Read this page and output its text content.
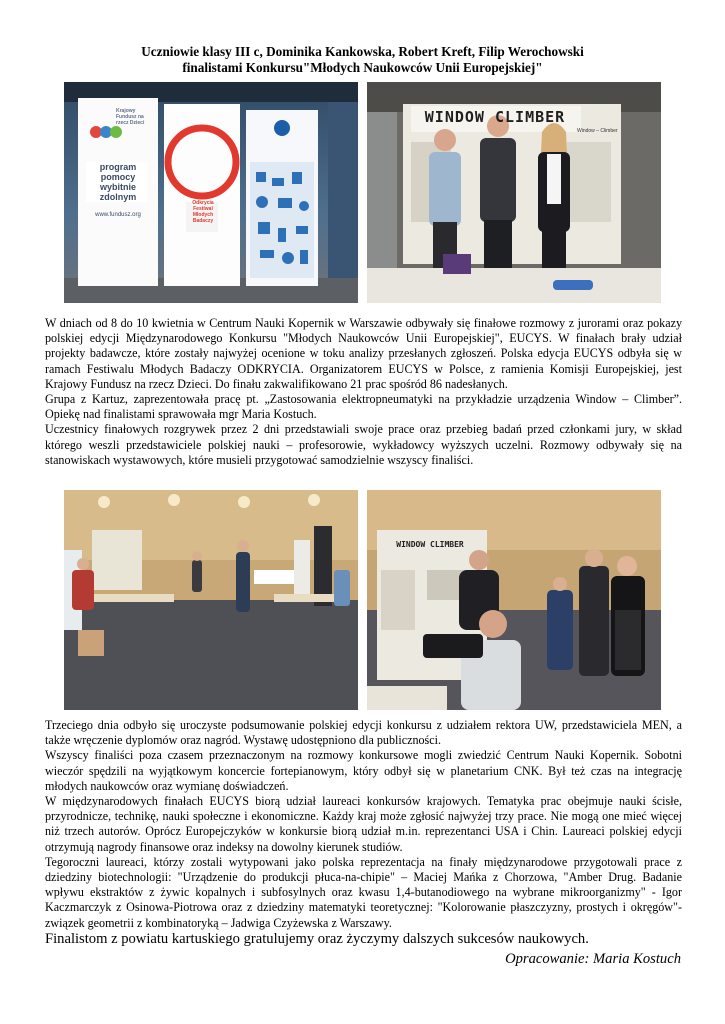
Uczniowie klasy III c, Dominika Kankowska, Robert Kreft, Filip Werochowski
finalistami Konkursu"Młodych Naukowców Unii Europejskiej"
Krajowy Fundusz na rzecz Dzieci
program pomocy wybitnie zdolnym
www.fundusz.org
Odkrycia Festiwal Młodych Badaczy
WINDOW CLIMBER
Window – Climber

W dniach od 8 do 10 kwietnia w Centrum Nauki Kopernik w Warszawie odbywały się finałowe rozmowy z jurorami oraz pokazy polskiej edycji Międzynarodowego Konkursu "Młodych Naukowców Unii Europejskiej", EUCYS. W finałach brały udział projekty badawcze, które zostały najwyżej ocenione w toku analizy przesłanych zgłoszeń. Polska edycja EUCYS odbyła się w ramach Festiwalu Młodych Badaczy ODKRYCIA. Organizatorem EUCYS w Polsce, z ramienia Komisji Europejskiej, jest Krajowy Fundusz na rzecz Dzieci. Do finału zakwalifikowano 21 prac spośród 86 nadesłanych.

Grupa z Kartuz, zaprezentowała pracę pt. „Zastosowania elektropneumatyki na przykładzie urządzenia Window – Climber”. Opiekę nad finalistami sprawowała mgr Maria Kostuch.

Uczestnicy finałowych rozgrywek przez 2 dni przedstawiali swoje prace oraz przebieg badań przed członkami jury, w skład którego weszli przedstawiciele polskiej nauki – profesorowie, wykładowcy wyższych uczelni. Rozmowy odbywały się na stanowiskach wystawowych, które musieli przygotować samodzielnie wszyscy finaliści.

WINDOW CLIMBER

Trzeciego dnia odbyło się uroczyste podsumowanie polskiej edycji konkursu z udziałem rektora UW, przedstawiciela MEN, a także wręczenie dyplomów oraz nagród. Wystawę udostępniono dla publiczności.

Wszyscy finaliści poza czasem przeznaczonym na rozmowy konkursowe mogli zwiedzić Centrum Nauki Kopernik. Sobotni wieczór spędzili na wyjątkowym koncercie fortepianowym, który odbył się w planetarium CNK. Był też czas na integrację młodych naukowców oraz wymianę doświadczeń.

W międzynarodowych finałach EUCYS biorą udział laureaci konkursów krajowych. Tematyka prac obejmuje nauki ścisłe, przyrodnicze, technikę, nauki społeczne i ekonomiczne. Każdy kraj może zgłosić najwyżej trzy prace. Nie mogą one mieć więcej niż trzech autorów. Oprócz Europejczyków w konkursie biorą udział m.in. reprezentanci USA i Chin. Laureaci polskiej edycji otrzymują nagrody finansowe oraz indeksy na dowolny kierunek studiów.

Tegoroczni laureaci, którzy zostali wytypowani jako polska reprezentacja na finały międzynarodowe przygotowali prace z dziedziny biotechnologii: "Urządzenie do produkcji płuca-na-chipie" – Maciej Mańka z Chorzowa, "Amber Drug. Badanie wpływu ekstraktów z żywic kopalnych i subfosylnych oraz kwasu 1,4-butanodiowego na wybrane mikroorganizmy" - Igor Kaczmarczyk z Osinowa-Piotrowa oraz z dziedziny matematyki teoretycznej: "Kolorowanie płaszczyzny, prostych i okręgów"- związek geometrii z kombinatoryką – Jadwiga Czyżewska z Warszawy.

Finalistom z powiatu kartuskiego gratulujemy oraz życzymy dalszych sukcesów naukowych.

Opracowanie: Maria Kostuch
